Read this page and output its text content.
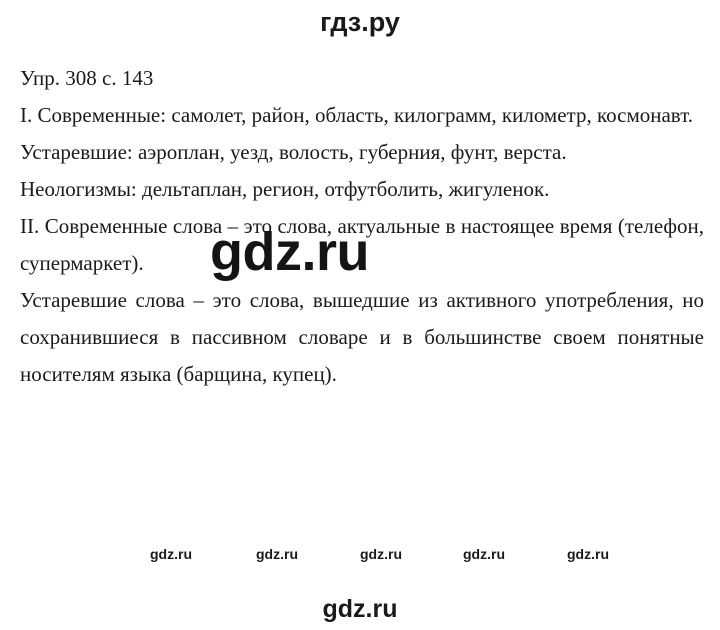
гдз.ру

Упр. 308 с. 143

I. Современные: самолет, район, область, килограмм, километр, космонавт.

Устаревшие: аэроплан, уезд, волость, губерния, фунт, верста.

Неологизмы: дельтаплан, регион, отфутболить, жигуленок.

II. Современные слова – это слова, актуальные в настоящее время (телефон, супермаркет).

Устаревшие слова – это слова, вышедшие из активного употребления, но сохранившиеся в пассивном словаре и в большинстве своем понятные носителям языка (барщина, купец).

gdz.ru
gdz.ru	gdz.ru	gdz.ru	gdz.ru	gdz.ru
gdz.ru
